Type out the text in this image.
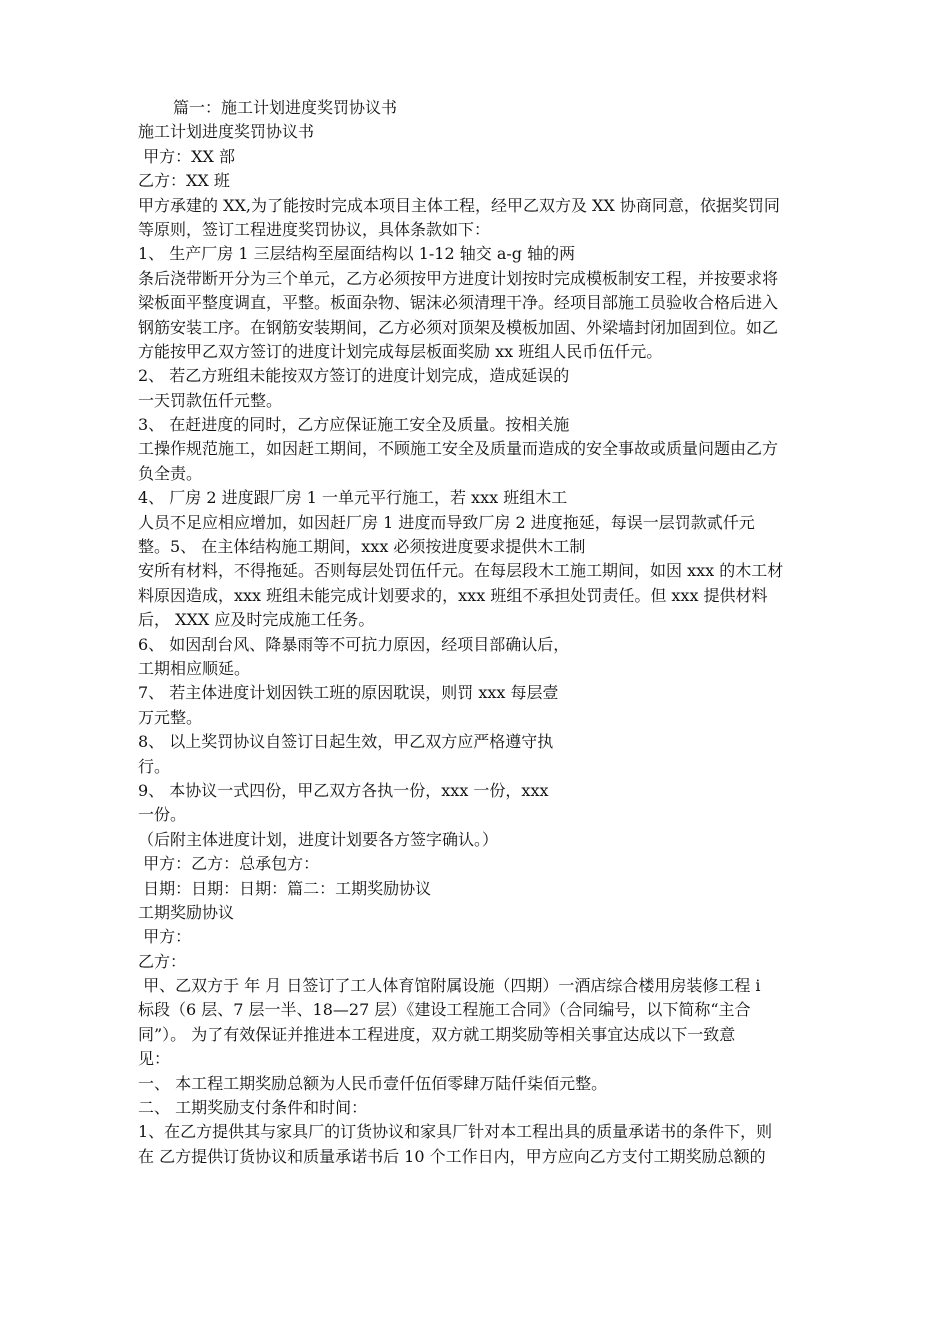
篇一：施工计划进度奖罚协议书
施工计划进度奖罚协议书
甲方：XX 部
乙方：XX 班
甲方承建的 XX,为了能按时完成本项目主体工程，经甲乙双方及 XX 协商同意，依据奖罚同
等原则，签订工程进度奖罚协议，具体条款如下：
1、 生产厂房 1 三层结构至屋面结构以 1-12 轴交 a-g 轴的两
条后浇带断开分为三个单元，乙方必须按甲方进度计划按时完成模板制安工程，并按要求将
梁板面平整度调直，平整。板面杂物、锯沫必须清理干净。经项目部施工员验收合格后进入
钢筋安装工序。在钢筋安装期间，乙方必须对顶架及模板加固、外梁墙封闭加固到位。如乙
方能按甲乙双方签订的进度计划完成每层板面奖励 xx 班组人民币伍仟元。
2、 若乙方班组未能按双方签订的进度计划完成，造成延误的
一天罚款伍仟元整。
3、 在赶进度的同时，乙方应保证施工安全及质量。按相关施
工操作规范施工，如因赶工期间，不顾施工安全及质量而造成的安全事故或质量问题由乙方
负全责。
4、 厂房 2 进度跟厂房 1 一单元平行施工，若 xxx 班组木工
人员不足应相应增加，如因赶厂房 1 进度而导致厂房 2 进度拖延，每误一层罚款贰仟元
整。5、 在主体结构施工期间，xxx 必须按进度要求提供木工制
安所有材料，不得拖延。否则每层处罚伍仟元。在每层段木工施工期间，如因 xxx 的木工材
料原因造成，xxx 班组未能完成计划要求的，xxx 班组不承担处罚责任。但 xxx 提供材料
后， XXX 应及时完成施工任务。
6、 如因刮台风、降暴雨等不可抗力原因，经项目部确认后，
工期相应顺延。
7、 若主体进度计划因铁工班的原因耽误，则罚 xxx 每层壹
万元整。
8、 以上奖罚协议自签订日起生效，甲乙双方应严格遵守执
行。
9、 本协议一式四份，甲乙双方各执一份，xxx 一份，xxx
一份。
（后附主体进度计划，进度计划要各方签字确认。）
甲方：乙方：总承包方：
日期：日期：日期：篇二：工期奖励协议
工期奖励协议
甲方：
乙方：
甲、乙双方于 年 月 日签订了工人体育馆附属设施（四期）一酒店综合楼用房装修工程 i
标段（6 层、7 层一半、18—27 层）《建设工程施工合同》（合同编号，以下简称“主合
同”）。 为了有效保证并推进本工程进度，双方就工期奖励等相关事宜达成以下一致意
见：
一、 本工程工期奖励总额为人民币壹仟伍佰零肆万陆仟柒佰元整。
二、 工期奖励支付条件和时间：
1、在乙方提供其与家具厂的订货协议和家具厂针对本工程出具的质量承诺书的条件下，则
在 乙方提供订货协议和质量承诺书后 10 个工作日内，甲方应向乙方支付工期奖励总额的
